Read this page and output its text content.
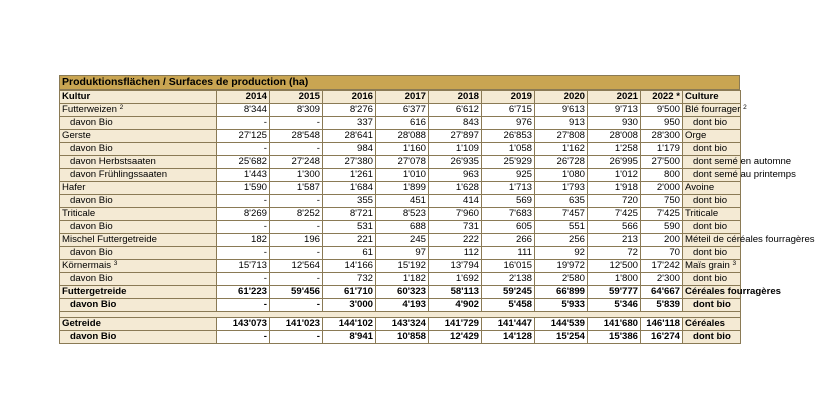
Produktionsflächen / Surfaces de production (ha)
Kultur	2014	2015	2016	2017	2018	2019	2020	2021	2022 *	Culture
Futterweizen $^2$	8'344	8'309	8'276	6'377	6'612	6'715	9'613	9'713	9'500	Blé fourrager $^2$
davon Bio	-	-	337	616	843	976	913	930	950	dont bio
Gerste	27'125	28'548	28'641	28'088	27'897	26'853	27'808	28'008	28'300	Orge
davon Bio	-	-	984	1'160	1'109	1'058	1'162	1'258	1'179	dont bio
davon Herbstsaaten	25'682	27'248	27'380	27'078	26'935	25'929	26'728	26'995	27'500	dont semé en automne
davon Frühlingssaaten	1'443	1'300	1'261	1'010	963	925	1'080	1'012	800	dont semé au printemps
Hafer	1'590	1'587	1'684	1'899	1'628	1'713	1'793	1'918	2'000	Avoine
davon Bio	-	-	355	451	414	569	635	720	750	dont bio
Triticale	8'269	8'252	8'721	8'523	7'960	7'683	7'457	7'425	7'425	Triticale
davon Bio	-	-	531	688	731	605	551	566	590	dont bio
Mischel Futtergetreide	182	196	221	245	222	266	256	213	200	Méteil de céréales fourragères
davon Bio	-	-	61	97	112	111	92	72	70	dont bio
Körnermais $^3$	15'713	12'564	14'166	15'192	13'794	16'015	19'972	12'500	17'242	Maïs grain $^3$
davon Bio	-	-	732	1'182	1'692	2'138	2'580	1'800	2'300	dont bio
Futtergetreide	61'223	59'456	61'710	60'323	58'113	59'245	66'899	59'777	64'667	Céréales fourragères
davon Bio	-	-	3'000	4'193	4'902	5'458	5'933	5'346	5'839	dont bio

Getreide	143'073	141'023	144'102	143'324	141'729	141'447	144'539	141'680	146'118	Céréales
davon Bio	-	-	8'941	10'858	12'429	14'128	15'254	15'386	16'274	dont bio
